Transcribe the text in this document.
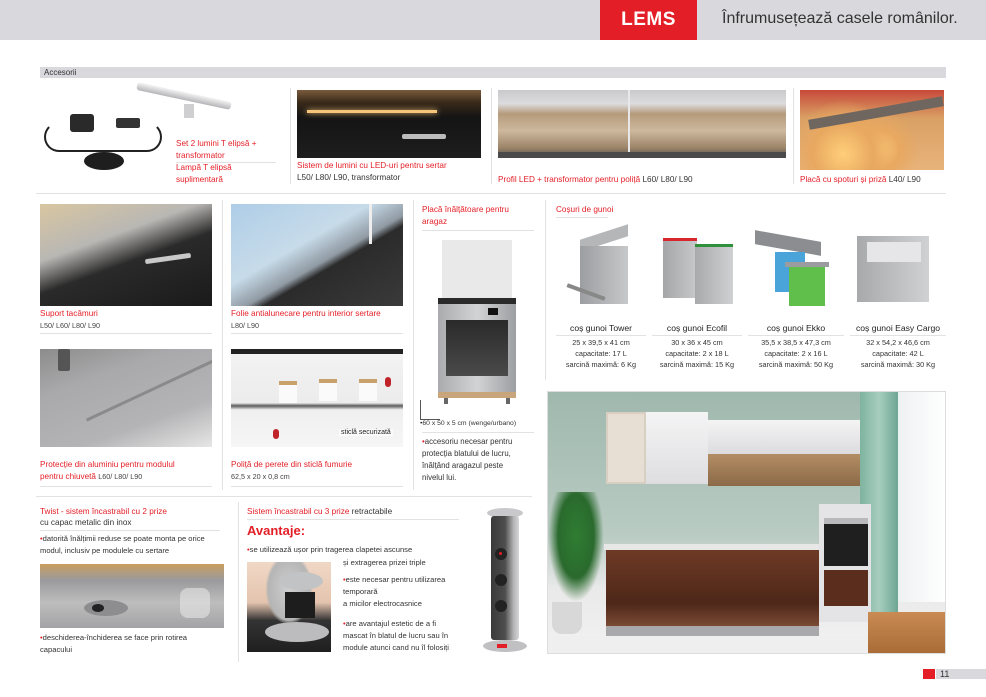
LEMS	Înfrumusețează casele românilor.
Accesorii
Set 2 lumini T elipsă +
transformator
Lampă T elipsă
suplimentară
Sistem de lumini cu LED-uri pentru sertar
L50/ L80/ L90, transformator	Profil LED + transformator pentru poliță L60/ L80/ L90	Placă cu spoturi și priză L40/ L90
Suport tacâmuri
L50/ L60/ L80/ L90
Folie antialunecare pentru interior sertare
L80/ L90
Protecție din aluminiu pentru modulul
pentru chiuvetă L60/ L80/ L90
sticlă securizată
Poliță de perete din sticlă fumurie
62,5 x 20 x 0,8 cm
Placă înălțătoare pentru
aragaz
•60 x 50 x 5 cm (wenge/urbano)
• accesoriu necesar pentru
protecția blatului de lucru,
înălțând aragazul peste
nivelul lui.
Coșuri de gunoi
coș gunoi Tower
25 x 39,5 x 41 cm
capacitate: 17 L
sarcină maximă: 6 Kg
coș gunoi Ecofil
30 x 36 x 45 cm
capacitate: 2 x 18 L
sarcină maximă: 15 Kg
coș gunoi Ekko
35,5 x 38,5 x 47,3 cm
capacitate: 2 x 16 L
sarcină maximă: 50 Kg
coș gunoi Easy Cargo
32 x 54,2 x 46,6 cm
capacitate: 42 L
sarcină maximă: 30 Kg
Twist - sistem încastrabil cu 2 prize
cu capac metalic din inox
• datorită înălțimii reduse se poate monta pe orice
modul, inclusiv pe modulele cu sertare
• deschiderea-închiderea se face prin rotirea
capacului
Sistem încastrabil cu 3 prize retractabile
Avantaje:
• se utilizează ușor prin tragerea clapetei ascunse
și extragerea prizei triple
• este necesar pentru utilizarea
temporară
a micilor electrocasnice
• are avantajul estetic de a fi
mascat în blatul de lucru sau în
module atunci cand nu îl folosiți
11
